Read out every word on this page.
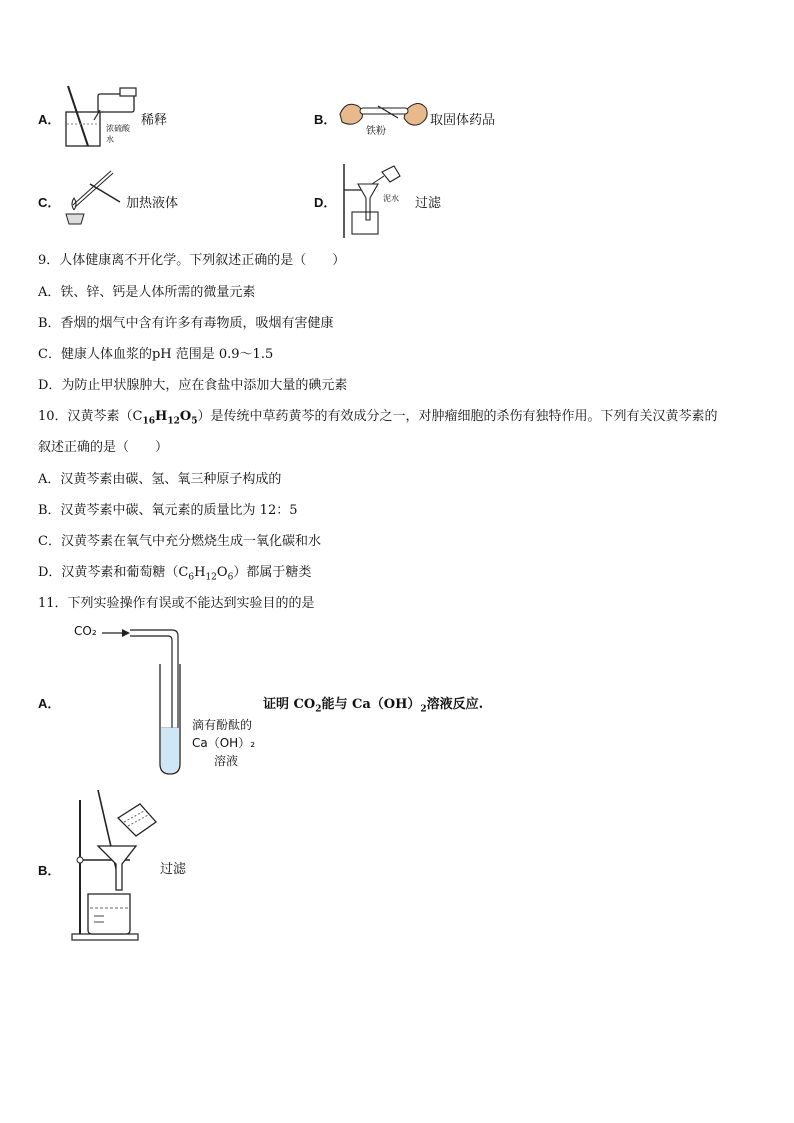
A．
浓硫酸
水
稀释	B．
铁粉
取固体药品
C．	加热液体	D．	泥水 过滤
9．人体健康离不开化学。下列叙述正确的是（　　）
A．铁、锌、钙是人体所需的微量元素
B．香烟的烟气中含有许多有毒物质，吸烟有害健康
C．健康人体血浆的pH 范围是 0.9～1.5
D．为防止甲状腺肿大，应在食盐中添加大量的碘元素
10．汉黄芩素$(C_{16}H_{12}O_5)$是传统中草药黄芩的有效成分之一，对肿瘤细胞的杀伤有独特作用。下列有关汉黄芩素的
叙述正确的是（　　）
A．汉黄芩素由碳、氢、氧三种原子构成的
B．汉黄芩素中碳、氧元素的质量比为 12：5
C．汉黄芩素在氧气中充分燃烧生成一氧化碳和水
D．汉黄芩素和葡萄糖$(C_6H_{12}O_6)$都属于糖类
11．下列实验操作有误或不能达到实验目的的是
A．
CO₂
滴有酚酞的
Ca（OH）₂
溶液
证明 $CO_2$能与 $Ca(OH)_2$溶液反应.
B．	过滤
